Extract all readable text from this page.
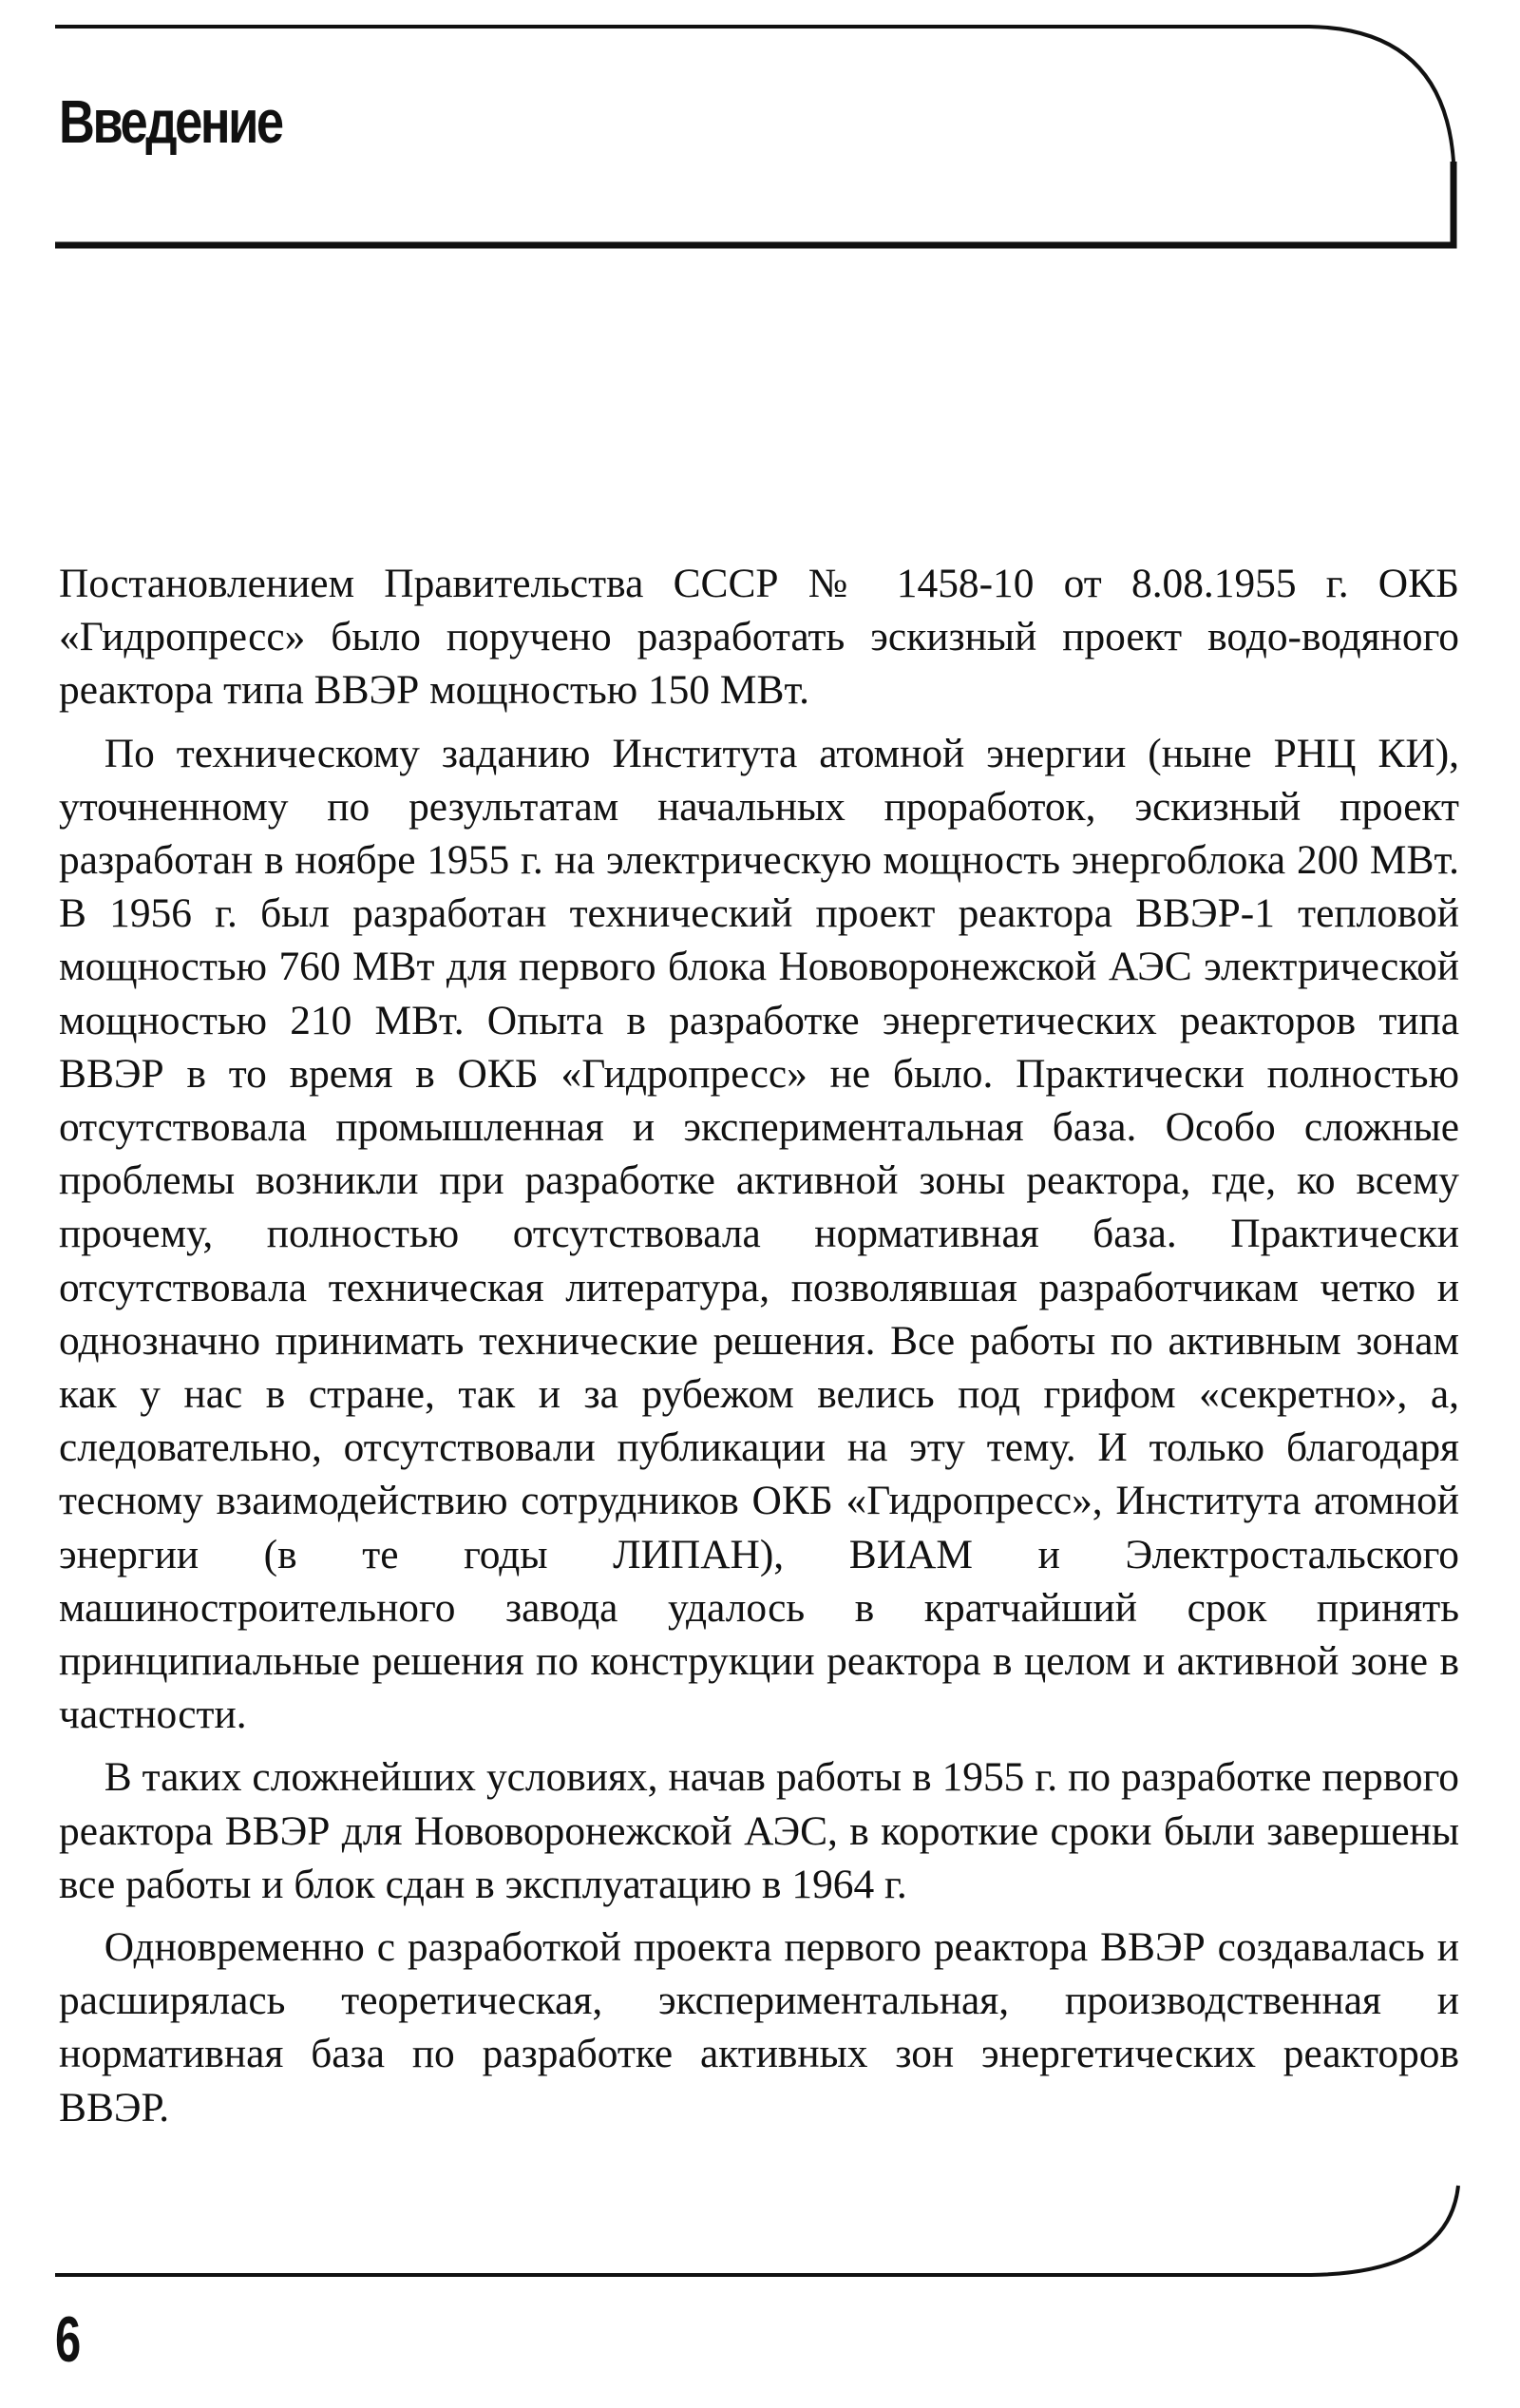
Введение

Постановлением Правительства СССР № 1458-10 от 8.08.1955 г. ОКБ «Гидропресс» было поручено разработать эскизный проект водо-водяного реактора типа ВВЭР мощностью 150 МВт.

По техническому заданию Института атомной энергии (ныне РНЦ КИ), уточненному по результатам начальных проработок, эскизный проект разработан в ноябре 1955 г. на электрическую мощность энергоблока 200 МВт. В 1956 г. был разработан технический проект реактора ВВЭР-1 тепловой мощностью 760 МВт для первого блока Нововоронежской АЭС электрической мощностью 210 МВт. Опыта в разработке энергетических реакторов типа ВВЭР в то время в ОКБ «Гидропресс» не было. Практически полностью отсутствовала промышленная и экспериментальная база. Особо сложные проблемы возникли при разработке активной зоны реактора, где, ко всему прочему, полностью отсутствовала нормативная база. Практически отсутствовала техническая литература, позволявшая разработчикам четко и однозначно принимать технические решения. Все работы по активным зонам как у нас в стране, так и за рубежом велись под грифом «секретно», а, следовательно, отсутствовали публикации на эту тему. И только благодаря тесному взаимодействию сотрудников ОКБ «Гидропресс», Института атомной энергии (в те годы ЛИПАН), ВИАМ и Электростальского машиностроительного завода удалось в кратчайший срок принять принципиальные решения по конструкции реактора в целом и активной зоне в частности.

В таких сложнейших условиях, начав работы в 1955 г. по разработке первого реактора ВВЭР для Нововоронежской АЭС, в короткие сроки были завершены все работы и блок сдан в эксплуатацию в 1964 г.

Одновременно с разработкой проекта первого реактора ВВЭР создавалась и расширялась теоретическая, экспериментальная, производственная и нормативная база по разработке активных зон энергетических реакторов ВВЭР.

6
